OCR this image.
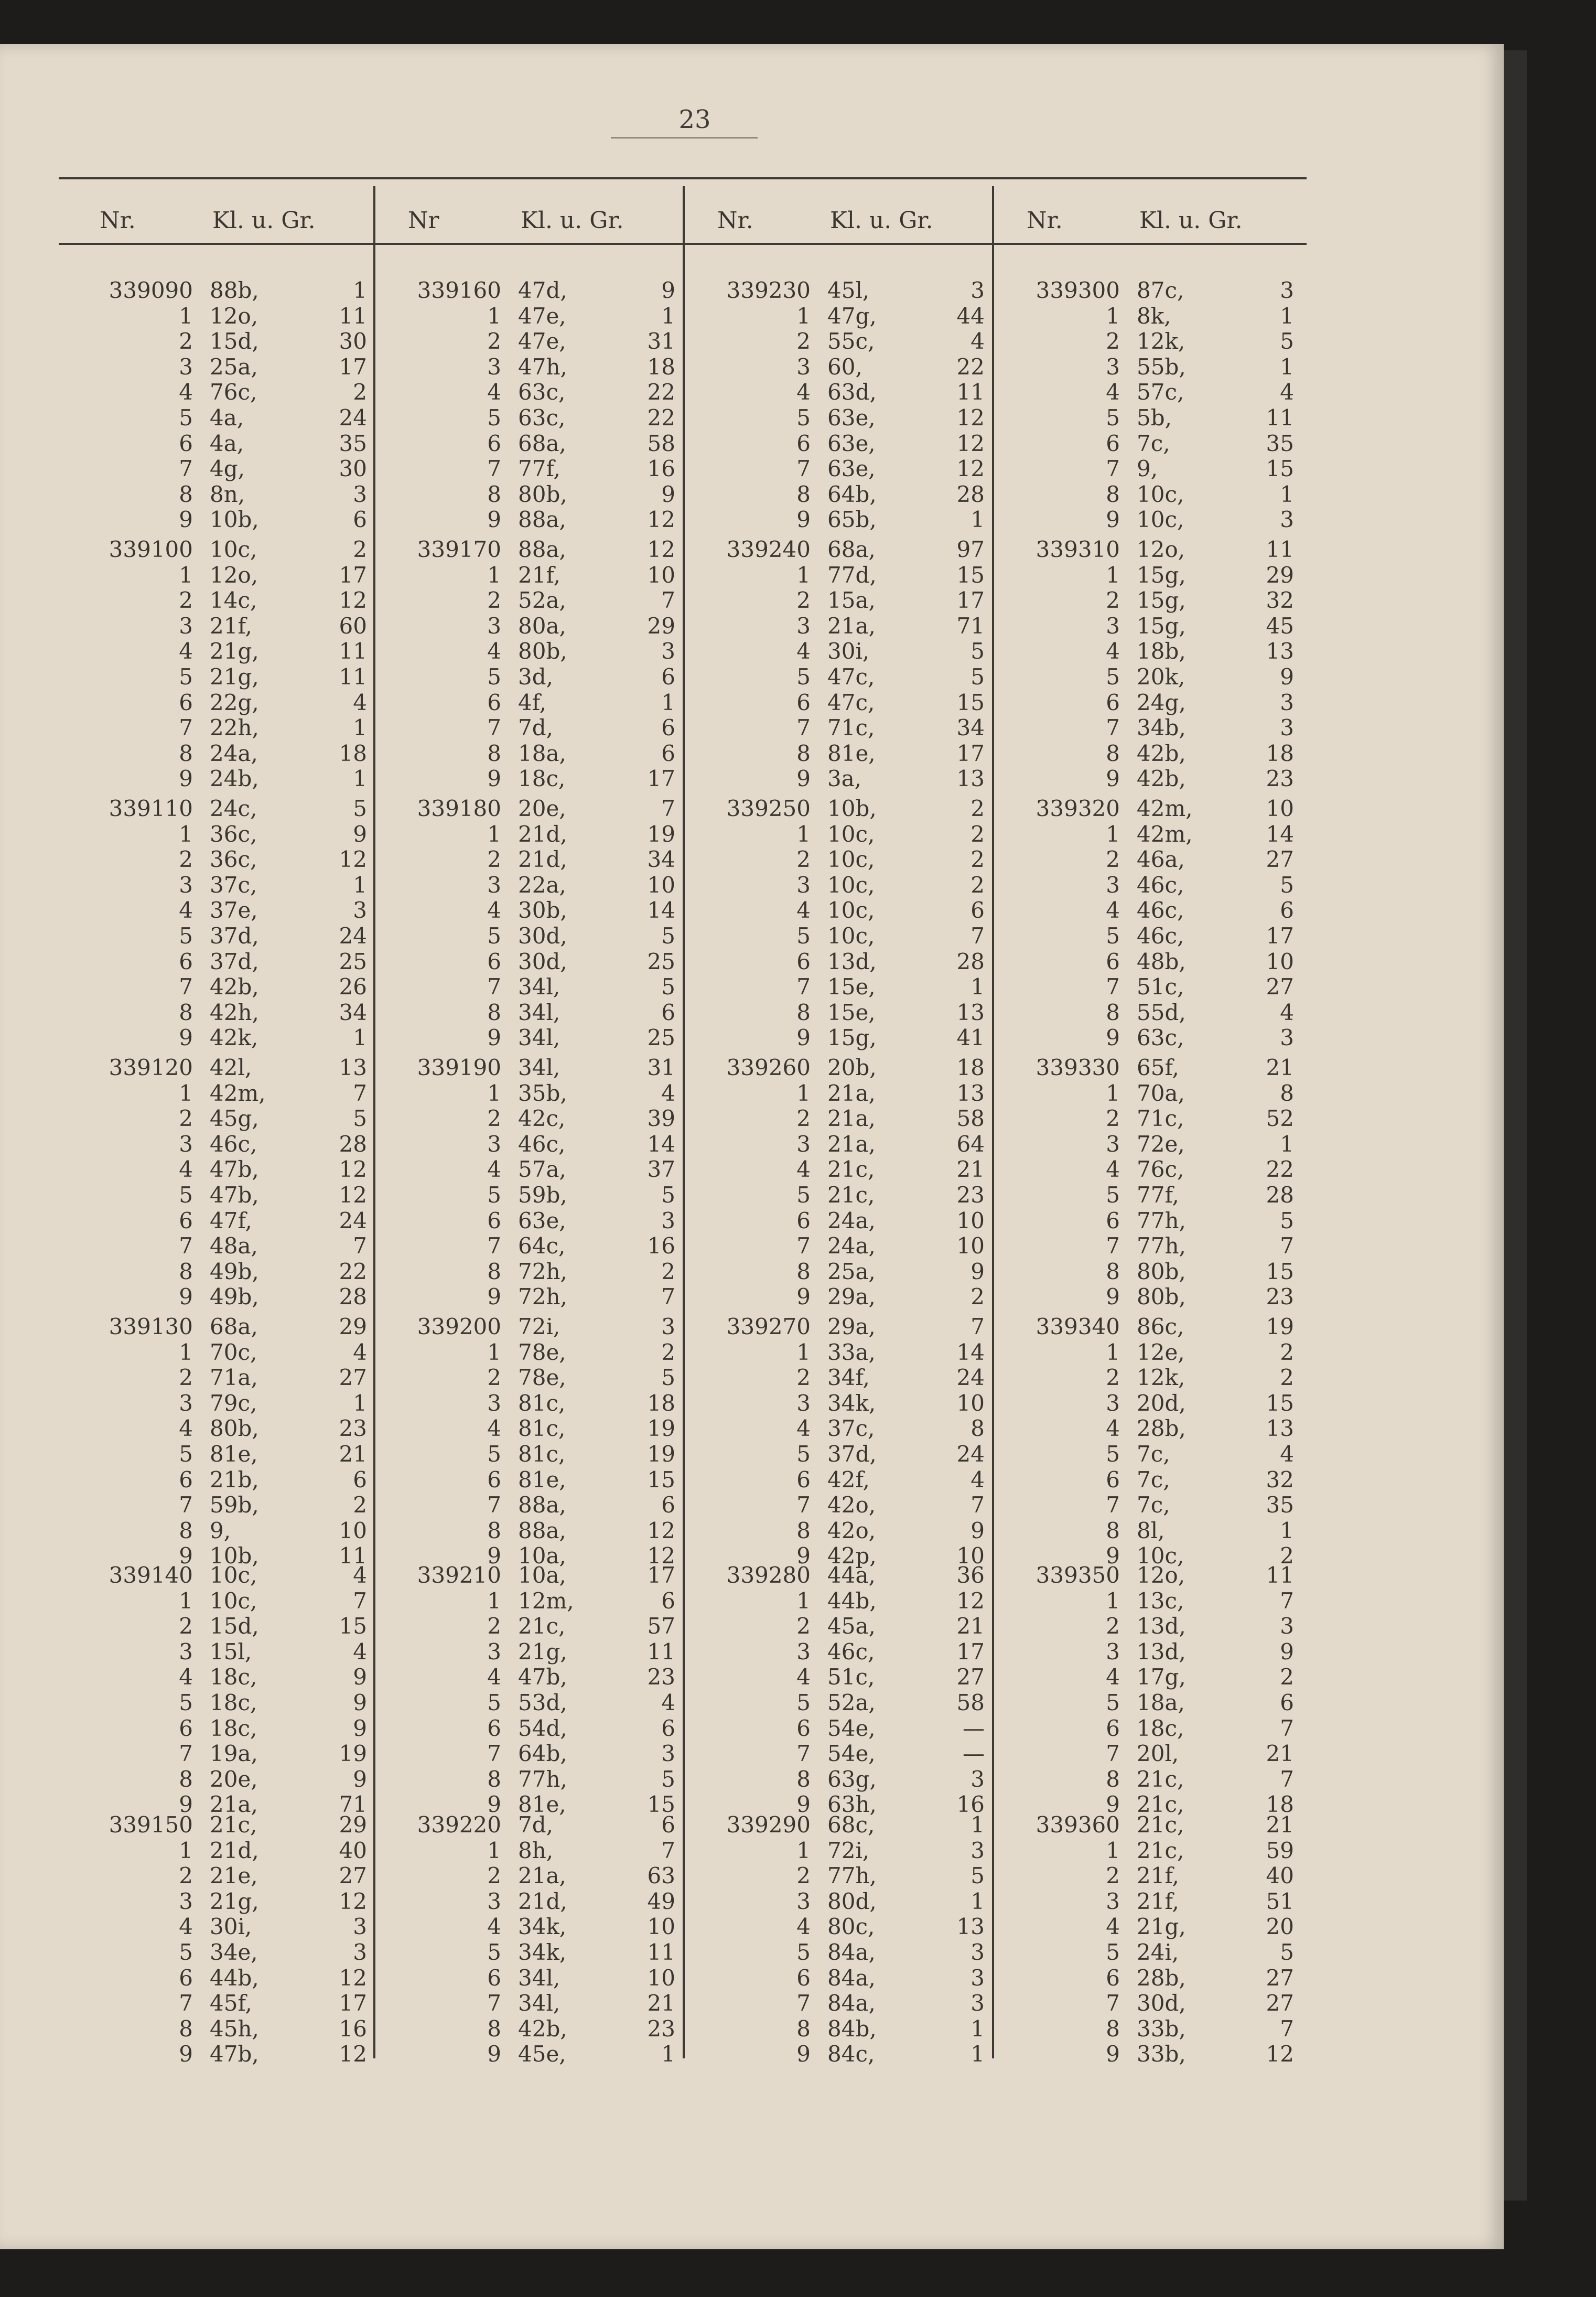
23
Nr.	Kl. u. Gr.
339090 88b,	1
1 12o,	11
2 15d,	30
3 25a,	17
4 76c,	2
5 4a,	24
6 4a,	35
7 4g,	30
8 8n,	3
9 10b,	6
339100 10c,	2
1 12o,	17
2 14c,	12
3 21f,	60
4 21g,	11
5 21g,	11
6 22g,	4
7 22h,	1
8 24a,	18
9 24b,	1
339110 24c,	5
1 36c,	9
2 36c,	12
3 37c,	1
4 37e,	3
5 37d,	24
6 37d,	25
7 42b,	26
8 42h,	34
9 42k,	1
339120 42l,	13
1 42m,	7
2 45g,	5
3 46c,	28
4 47b,	12
5 47b,	12
6 47f,	24
7 48a,	7
8 49b,	22
9 49b,	28
339130 68a,	29
1 70c,	4
2 71a,	27
3 79c,	1
4 80b,	23
5 81e,	21
6 21b,	6
7 59b,	2
8 9,	10
9 10b,	11
339140 10c,	4
1 10c,	7
2 15d,	15
3 15l,	4
4 18c,	9
5 18c,	9
6 18c,	9
7 19a,	19
8 20e,	9
9 21a,	71
339150 21c,	29
1 21d,	40
2 21e,	27
3 21g,	12
4 30i,	3
5 34e,	3
6 44b,	12
7 45f,	17
8 45h,	16
9 47b,	12
Nr	Kl. u. Gr.
339160 47d,	9
1 47e,	1
2 47e,	31
3 47h,	18
4 63c,	22
5 63c,	22
6 68a,	58
7 77f,	16
8 80b,	9
9 88a,	12
339170 88a,	12
1 21f,	10
2 52a,	7
3 80a,	29
4 80b,	3
5 3d,	6
6 4f,	1
7 7d,	6
8 18a,	6
9 18c,	17
339180 20e,	7
1 21d,	19
2 21d,	34
3 22a,	10
4 30b,	14
5 30d,	5
6 30d,	25
7 34l,	5
8 34l,	6
9 34l,	25
339190 34l,	31
1 35b,	4
2 42c,	39
3 46c,	14
4 57a,	37
5 59b,	5
6 63e,	3
7 64c,	16
8 72h,	2
9 72h,	7
339200 72i,	3
1 78e,	2
2 78e,	5
3 81c,	18
4 81c,	19
5 81c,	19
6 81e,	15
7 88a,	6
8 88a,	12
9 10a,	12
339210 10a,	17
1 12m,	6
2 21c,	57
3 21g,	11
4 47b,	23
5 53d,	4
6 54d,	6
7 64b,	3
8 77h,	5
9 81e,	15
339220 7d,	6
1 8h,	7
2 21a,	63
3 21d,	49
4 34k,	10
5 34k,	11
6 34l,	10
7 34l,	21
8 42b,	23
9 45e,	1
Nr.	Kl. u. Gr.
339230 45l,	3
1 47g,	44
2 55c,	4
3 60,	22
4 63d,	11
5 63e,	12
6 63e,	12
7 63e,	12
8 64b,	28
9 65b,	1
339240 68a,	97
1 77d,	15
2 15a,	17
3 21a,	71
4 30i,	5
5 47c,	5
6 47c,	15
7 71c,	34
8 81e,	17
9 3a,	13
339250 10b,	2
1 10c,	2
2 10c,	2
3 10c,	2
4 10c,	6
5 10c,	7
6 13d,	28
7 15e,	1
8 15e,	13
9 15g,	41
339260 20b,	18
1 21a,	13
2 21a,	58
3 21a,	64
4 21c,	21
5 21c,	23
6 24a,	10
7 24a,	10
8 25a,	9
9 29a,	2
339270 29a,	7
1 33a,	14
2 34f,	24
3 34k,	10
4 37c,	8
5 37d,	24
6 42f,	4
7 42o,	7
8 42o,	9
9 42p,	10
339280 44a,	36
1 44b,	12
2 45a,	21
3 46c,	17
4 51c,	27
5 52a,	58
6 54e,	—
7 54e,	—
8 63g,	3
9 63h,	16
339290 68c,	1
1 72i,	3
2 77h,	5
3 80d,	1
4 80c,	13
5 84a,	3
6 84a,	3
7 84a,	3
8 84b,	1
9 84c,	1
Nr.	Kl. u. Gr.
339300 87c,	3
1 8k,	1
2 12k,	5
3 55b,	1
4 57c,	4
5 5b,	11
6 7c,	35
7 9,	15
8 10c,	1
9 10c,	3
339310 12o,	11
1 15g,	29
2 15g,	32
3 15g,	45
4 18b,	13
5 20k,	9
6 24g,	3
7 34b,	3
8 42b,	18
9 42b,	23
339320 42m,	10
1 42m,	14
2 46a,	27
3 46c,	5
4 46c,	6
5 46c,	17
6 48b,	10
7 51c,	27
8 55d,	4
9 63c,	3
339330 65f,	21
1 70a,	8
2 71c,	52
3 72e,	1
4 76c,	22
5 77f,	28
6 77h,	5
7 77h,	7
8 80b,	15
9 80b,	23
339340 86c,	19
1 12e,	2
2 12k,	2
3 20d,	15
4 28b,	13
5 7c,	4
6 7c,	32
7 7c,	35
8 8l,	1
9 10c,	2
339350 12o,	11
1 13c,	7
2 13d,	3
3 13d,	9
4 17g,	2
5 18a,	6
6 18c,	7
7 20l,	21
8 21c,	7
9 21c,	18
339360 21c,	21
1 21c,	59
2 21f,	40
3 21f,	51
4 21g,	20
5 24i,	5
6 28b,	27
7 30d,	27
8 33b,	7
9 33b,	12
